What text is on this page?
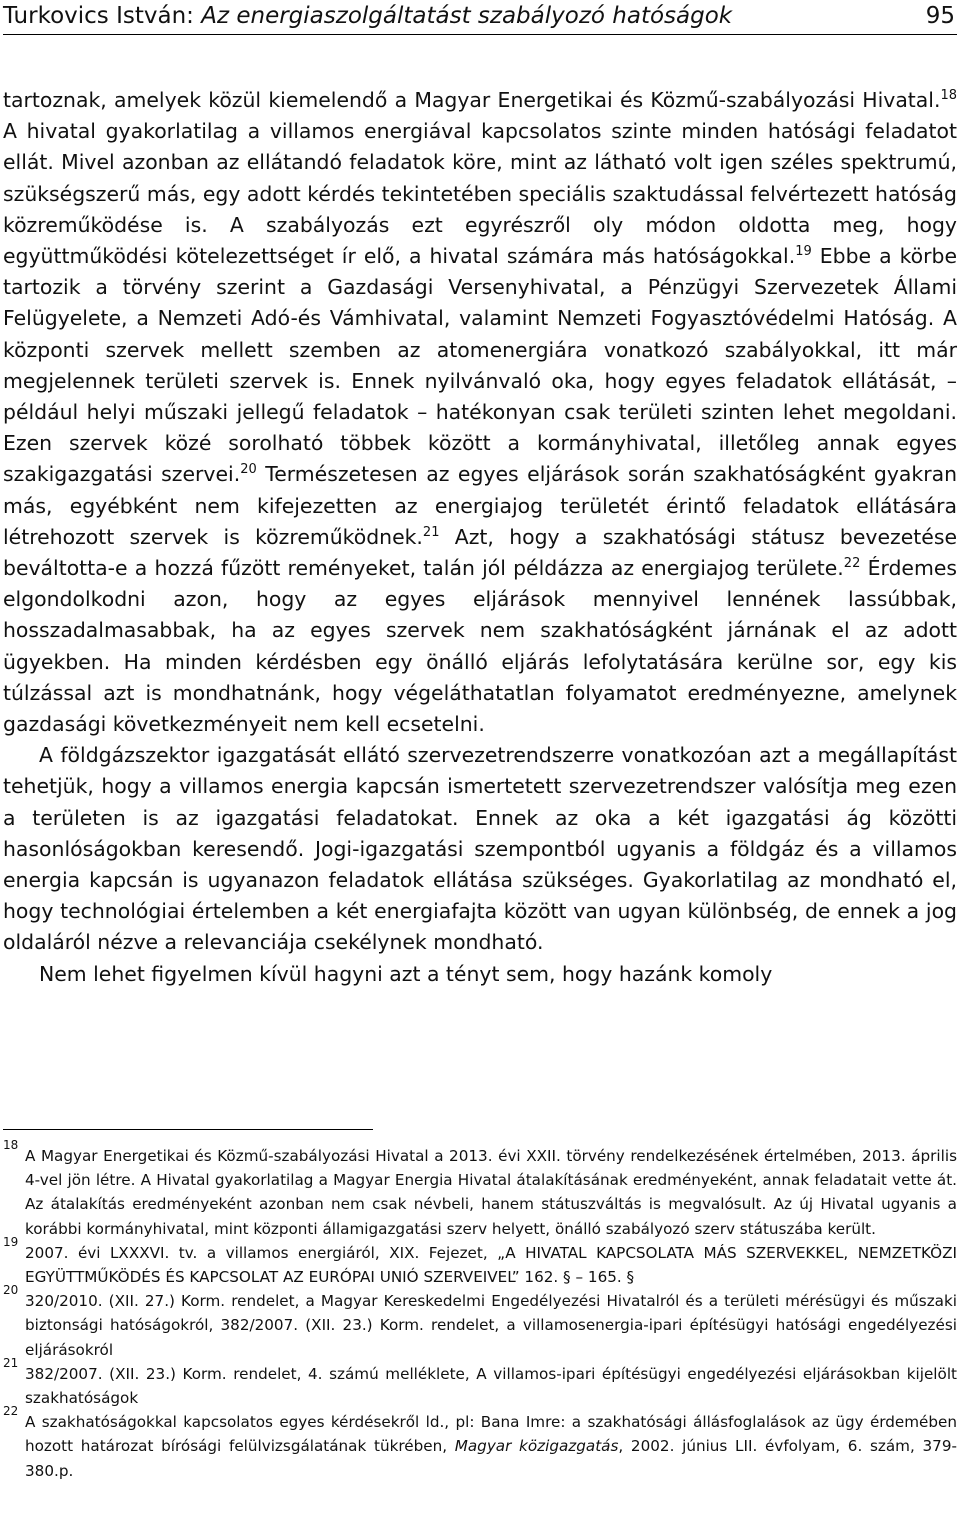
Turkovics István: Az energiaszolgáltatást szabályozó hatóságok	95

tartoznak, amelyek közül kiemelendő a Magyar Energetikai és Közmű-szabályozási Hivatal.$^{18}$ A hivatal gyakorlatilag a villamos energiával kapcsolatos szinte minden hatósági feladatot ellát. Mivel azonban az ellátandó feladatok köre, mint az látható volt igen széles spektrumú, szükségszerű más, egy adott kérdés tekintetében speciális szaktudással felvértezett hatóság közreműködése is. A szabályozás ezt egyrészről oly módon oldotta meg, hogy együttműködési kötelezettséget ír elő, a hivatal számára más hatóságokkal.$^{19}$ Ebbe a körbe tartozik a törvény szerint a Gazdasági Versenyhivatal, a Pénzügyi Szervezetek Állami Felügyelete, a Nemzeti Adó-és Vámhivatal, valamint Nemzeti Fogyasztóvédelmi Hatóság. A központi szervek mellett szemben az atomenergiára vonatkozó szabályokkal, itt már megjelennek területi szervek is. Ennek nyilvánvaló oka, hogy egyes feladatok ellátását, – például helyi műszaki jellegű feladatok – hatékonyan csak területi szinten lehet megoldani. Ezen szervek közé sorolható többek között a kormányhivatal, illetőleg annak egyes szakigazgatási szervei.$^{20}$ Természetesen az egyes eljárások során szakhatóságként gyakran más, egyébként nem kifejezetten az energiajog területét érintő feladatok ellátására létrehozott szervek is közreműködnek.$^{21}$ Azt, hogy a szakhatósági státusz bevezetése beváltotta-e a hozzá fűzött reményeket, talán jól példázza az energiajog területe.$^{22}$ Érdemes elgondolkodni azon, hogy az egyes eljárások mennyivel lennének lassúbbak, hosszadalmasabbak, ha az egyes szervek nem szakhatóságként járnának el az adott ügyekben. Ha minden kérdésben egy önálló eljárás lefolytatására kerülne sor, egy kis túlzással azt is mondhatnánk, hogy végeláthatatlan folyamatot eredményezne, amelynek gazdasági következményeit nem kell ecsetelni.

A földgázszektor igazgatását ellátó szervezetrendszerre vonatkozóan azt a megállapítást tehetjük, hogy a villamos energia kapcsán ismertetett szervezetrendszer valósítja meg ezen a területen is az igazgatási feladatokat. Ennek az oka a két igazgatási ág közötti hasonlóságokban keresendő. Jogi-igazgatási szempontból ugyanis a földgáz és a villamos energia kapcsán is ugyanazon feladatok ellátása szükséges. Gyakorlatilag az mondható el, hogy technológiai értelemben a két energiafajta között van ugyan különbség, de ennek a jog oldaláról nézve a relevanciája csekélynek mondható.

Nem lehet figyelmen kívül hagyni azt a tényt sem, hogy hazánk komoly

18
A Magyar Energetikai és Közmű-szabályozási Hivatal a 2013. évi XXII. törvény rendelkezésének értelmében, 2013. április 4-vel jön létre. A Hivatal gyakorlatilag a Magyar Energia Hivatal átalakításának eredményeként, annak feladatait vette át. Az átalakítás eredményeként azonban nem csak névbeli, hanem státuszváltás is megvalósult. Az új Hivatal ugyanis a korábbi kormányhivatal, mint központi államigazgatási szerv helyett, önálló szabályozó szerv státuszába került.
19
2007. évi LXXXVI. tv. a villamos energiáról, XIX. Fejezet, „A HIVATAL KAPCSOLATA MÁS SZERVEKKEL, NEMZETKÖZI EGYÜTTMŰKÖDÉS ÉS KAPCSOLAT AZ EURÓPAI UNIÓ SZERVEIVEL” 162. § – 165. §
20
320/2010. (XII. 27.) Korm. rendelet, a Magyar Kereskedelmi Engedélyezési Hivatalról és a területi mérésügyi és műszaki biztonsági hatóságokról, 382/2007. (XII. 23.) Korm. rendelet, a villamosenergia-ipari építésügyi hatósági engedélyezési eljárásokról
21
382/2007. (XII. 23.) Korm. rendelet, 4. számú melléklete, A villamos-ipari építésügyi engedélyezési eljárásokban kijelölt szakhatóságok
22
A szakhatóságokkal kapcsolatos egyes kérdésekről ld., pl: Bana Imre: a szakhatósági állásfoglalások az ügy érdemében hozott határozat bírósági felülvizsgálatának tükrében, Magyar közigazgatás, 2002. június LII. évfolyam, 6. szám, 379-380.p.
